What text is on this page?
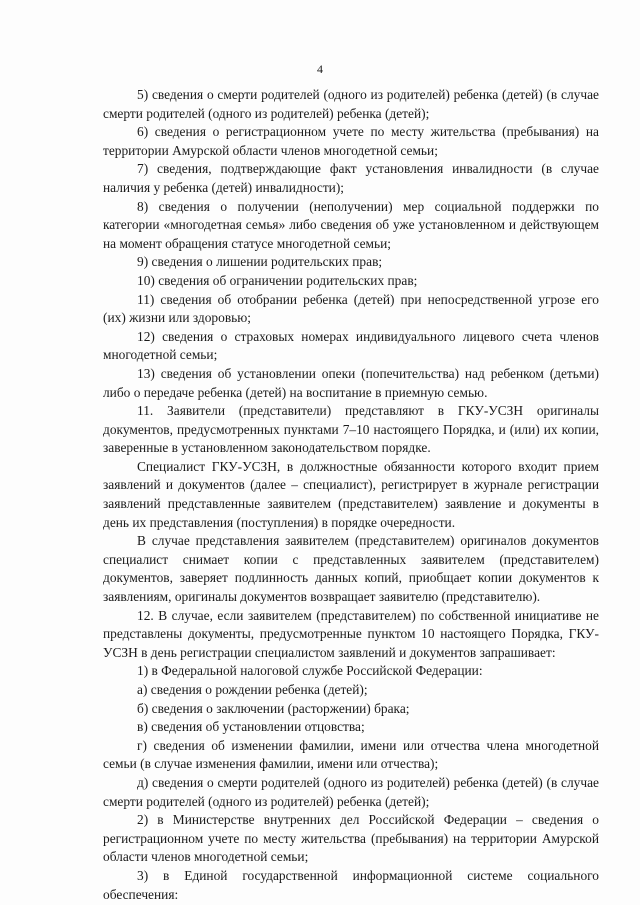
4

5) сведения о смерти родителей (одного из родителей) ребенка (детей) (в случае смерти родителей (одного из родителей) ребенка (детей);

6) сведения о регистрационном учете по месту жительства (пребывания) на территории Амурской области членов многодетной семьи;

7) сведения, подтверждающие факт установления инвалидности (в случае наличия у ребенка (детей) инвалидности);

8) сведения о получении (неполучении) мер социальной поддержки по категории «многодетная семья» либо сведения об уже установленном и действующем на момент обращения статусе многодетной семьи;

9) сведения о лишении родительских прав;

10) сведения об ограничении родительских прав;

11) сведения об отобрании ребенка (детей) при непосредственной угрозе его (их) жизни или здоровью;

12) сведения о страховых номерах индивидуального лицевого счета членов многодетной семьи;

13) сведения об установлении опеки (попечительства) над ребенком (детьми) либо о передаче ребенка (детей) на воспитание в приемную семью.

11. Заявители (представители) представляют в ГКУ-УСЗН оригиналы документов, предусмотренных пунктами 7–10 настоящего Порядка, и (или) их копии, заверенные в установленном законодательством порядке.

Специалист ГКУ-УСЗН, в должностные обязанности которого входит прием заявлений и документов (далее – специалист), регистрирует в журнале регистрации заявлений представленные заявителем (представителем) заявление и документы в день их представления (поступления) в порядке очередности.

В случае представления заявителем (представителем) оригиналов документов специалист снимает копии с представленных заявителем (представителем) документов, заверяет подлинность данных копий, приобщает копии документов к заявлениям, оригиналы документов возвращает заявителю (представителю).

12. В случае, если заявителем (представителем) по собственной инициативе не представлены документы, предусмотренные пунктом 10 настоящего Порядка, ГКУ-УСЗН в день регистрации специалистом заявлений и документов запрашивает:

1) в Федеральной налоговой службе Российской Федерации:

а) сведения о рождении ребенка (детей);

б) сведения о заключении (расторжении) брака;

в) сведения об установлении отцовства;

г) сведения об изменении фамилии, имени или отчества члена многодетной семьи (в случае изменения фамилии, имени или отчества);

д) сведения о смерти родителей (одного из родителей) ребенка (детей) (в случае смерти родителей (одного из родителей) ребенка (детей);

2) в Министерстве внутренних дел Российской Федерации – сведения о регистрационном учете по месту жительства (пребывания) на территории Амурской области членов многодетной семьи;

3) в Единой государственной информационной системе социального обеспечения:
